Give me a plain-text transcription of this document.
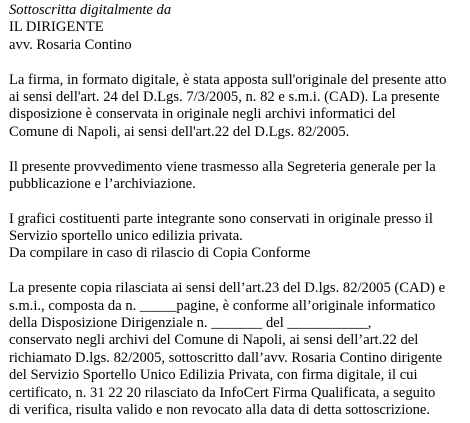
Sottoscritta digitalmente da
IL DIRIGENTE
avv. Rosaria Contino
La firma, in formato digitale, è stata apposta sull'originale del presente atto
ai sensi dell'art. 24 del D.Lgs. 7/3/2005, n. 82 e s.m.i. (CAD). La presente
disposizione è conservata in originale negli archivi informatici del
Comune di Napoli, ai sensi dell'art.22 del D.Lgs. 82/2005.
Il presente provvedimento viene trasmesso alla Segreteria generale per la
pubblicazione e l’archiviazione.
I grafici costituenti parte integrante sono conservati in originale presso il
Servizio sportello unico edilizia privata.
Da compilare in caso di rilascio di Copia Conforme
La presente copia rilasciata ai sensi dell’art.23 del D.lgs. 82/2005 (CAD) e
s.m.i., composta da n. _____pagine, è conforme all’originale informatico
della Disposizione Dirigenziale n. _______ del ___________,
conservato negli archivi del Comune di Napoli, ai sensi dell’art.22 del
richiamato D.lgs. 82/2005, sottoscritto dall’avv. Rosaria Contino dirigente
del Servizio Sportello Unico Edilizia Privata, con firma digitale, il cui
certificato, n. 31 22 20 rilasciato da InfoCert Firma Qualificata, a seguito
di verifica, risulta valido e non revocato alla data di detta sottoscrizione.
